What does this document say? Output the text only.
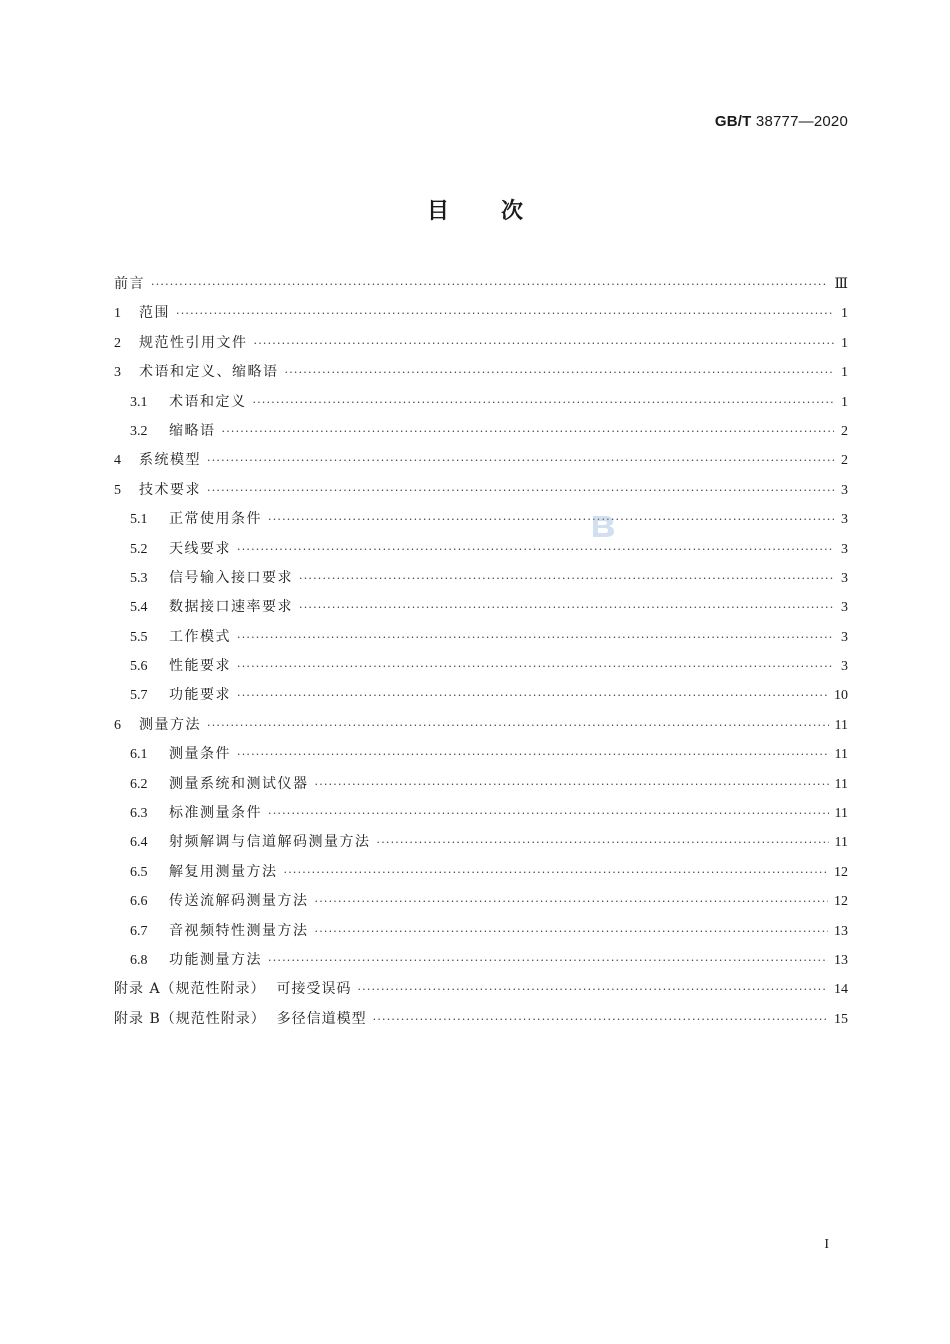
GB/T 38777—2020
目次
前言 ·····	Ⅲ
1	范围 ·····	1
2	规范性引用文件 ·····	1
3	术语和定义、缩略语 ·····	1
3.1	术语和定义 ·····	1
3.2	缩略语 ·····	2
4	系统模型 ·····	2
5	技术要求 ·····	3
5.1	正常使用条件 ·····	3
5.2	天线要求 ·····	3
5.3	信号输入接口要求 ·····	3
5.4	数据接口速率要求 ·····	3
5.5	工作模式 ·····	3
5.6	性能要求 ·····	3
5.7	功能要求 ·····	10
6	测量方法 ·····	11
6.1	测量条件 ·····	11
6.2	测量系统和测试仪器 ·····	11
6.3	标准测量条件 ·····	11
6.4	射频解调与信道解码测量方法 ·····	11
6.5	解复用测量方法 ·····	12
6.6	传送流解码测量方法 ·····	12
6.7	音视频特性测量方法 ·····	13
6.8	功能测量方法 ·····	13
附录 A（规范性附录）  可接受误码 ·····	14
附录 B（规范性附录）  多径信道模型 ·····	15
I
